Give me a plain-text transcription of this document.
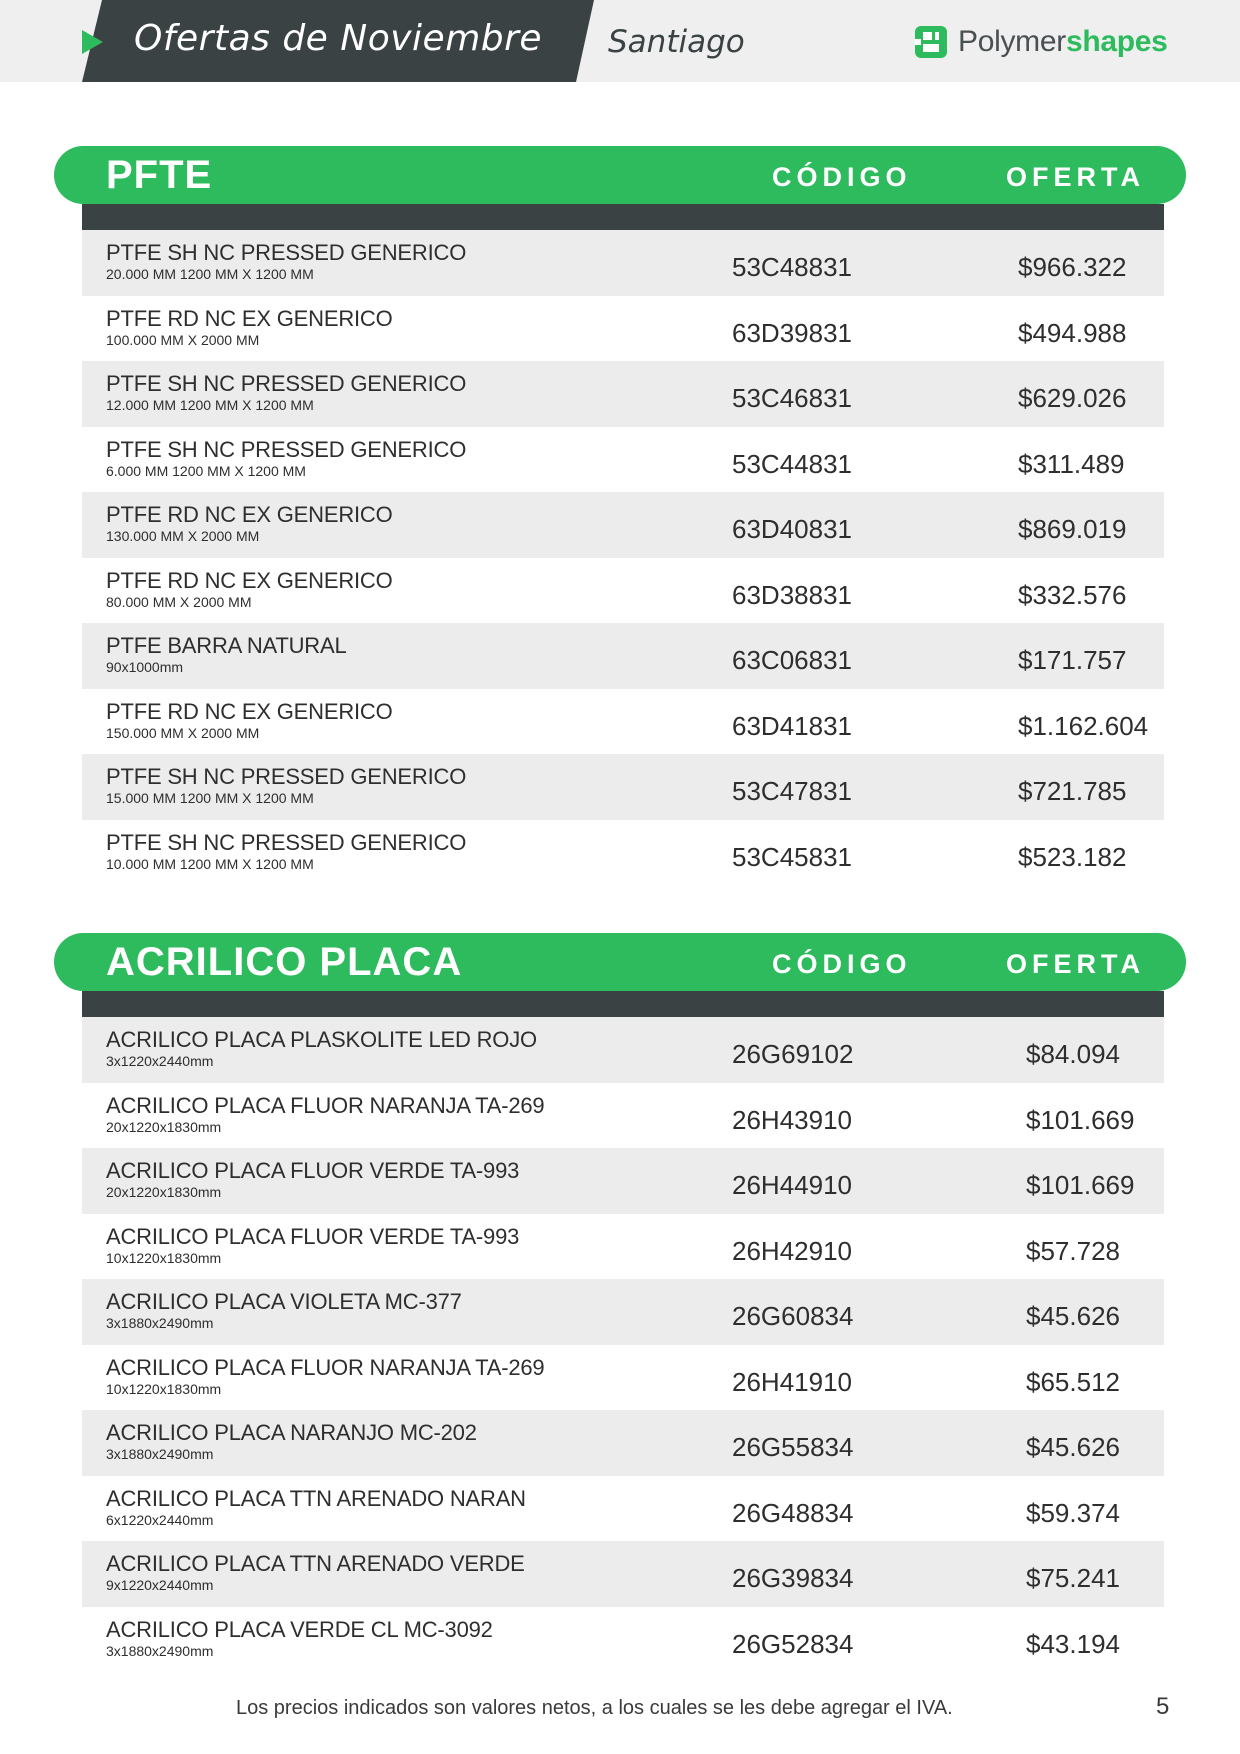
Ofertas de Noviembre Santiago	Polymershapes
PFTE	CÓDIGO	OFERTA
PTFE SH NC PRESSED GENERICO
20.000 MM 1200 MM X 1200 MM	53C48831	$966.322
PTFE RD NC EX GENERICO
100.000 MM X 2000 MM	63D39831	$494.988
PTFE SH NC PRESSED GENERICO
12.000 MM 1200 MM X 1200 MM	53C46831	$629.026
PTFE SH NC PRESSED GENERICO
6.000 MM 1200 MM X 1200 MM	53C44831	$311.489
PTFE RD NC EX GENERICO
130.000 MM X 2000 MM	63D40831	$869.019
PTFE RD NC EX GENERICO
80.000 MM X 2000 MM	63D38831	$332.576
PTFE BARRA NATURAL
90x1000mm	63C06831	$171.757
PTFE RD NC EX GENERICO
150.000 MM X 2000 MM	63D41831	$1.162.604
PTFE SH NC PRESSED GENERICO
15.000 MM 1200 MM X 1200 MM	53C47831	$721.785
PTFE SH NC PRESSED GENERICO
10.000 MM 1200 MM X 1200 MM	53C45831	$523.182
ACRILICO PLACA	CÓDIGO	OFERTA
ACRILICO PLACA PLASKOLITE LED ROJO
3x1220x2440mm	26G69102	$84.094
ACRILICO PLACA FLUOR NARANJA TA-269
20x1220x1830mm	26H43910	$101.669
ACRILICO PLACA FLUOR VERDE TA-993
20x1220x1830mm	26H44910	$101.669
ACRILICO PLACA FLUOR VERDE TA-993
10x1220x1830mm	26H42910	$57.728
ACRILICO PLACA VIOLETA MC-377
3x1880x2490mm	26G60834	$45.626
ACRILICO PLACA FLUOR NARANJA TA-269
10x1220x1830mm	26H41910	$65.512
ACRILICO PLACA NARANJO MC-202
3x1880x2490mm	26G55834	$45.626
ACRILICO PLACA TTN ARENADO NARAN
6x1220x2440mm	26G48834	$59.374
ACRILICO PLACA TTN ARENADO VERDE
9x1220x2440mm	26G39834	$75.241
ACRILICO PLACA VERDE CL MC-3092
3x1880x2490mm	26G52834	$43.194
Los precios indicados son valores netos, a los cuales se les debe agregar el IVA.	5
